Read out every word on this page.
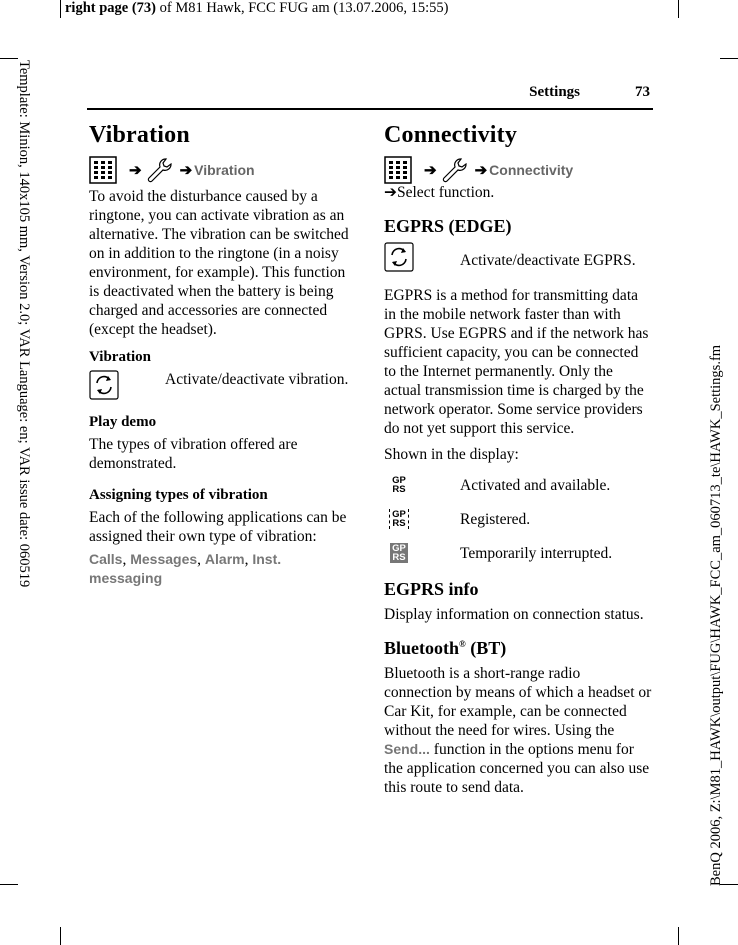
right page (73) of M81 Hawk, FCC FUG am (13.07.2006, 15:55)
Template: Minion, 140x105 mm, Version 2.0; VAR Language: en; VAR issue date: 060519
BenQ 2006, Z:\M81_HAWK\output\FUG\HAWK_FCC_am_060713_te\HAWK_Settings.fm
Settings	73
Vibration
➔	➔ Vibration

To avoid the disturbance caused by a ringtone, you can activate vibration as an alternative. The vibration can be switched on in addition to the ringtone (in a noisy environment, for example). This function is deactivated when the battery is being charged and accessories are connected (except the headset).

Vibration
Activate/deactivate vibration.
Play demo

The types of vibration offered are demonstrated.

Assigning types of vibration

Each of the following applications can be assigned their own type of vibration:

Calls, Messages, Alarm, Inst. messaging

Connectivity
➔	➔ Connectivity
➔Select function.
EGPRS (EDGE)
Activate/deactivate EGPRS.

EGPRS is a method for transmitting data in the mobile network faster than with GPRS. Use EGPRS and if the network has sufficient capacity, you can be connected to the Internet permanently. Only the actual transmission time is charged by the network operator. Some service providers do not yet support this service.

Shown in the display:

GP RS	Activated and available.
GP RS	Registered.
GP RS	Temporarily interrupted.
EGPRS info

Display information on connection status.

Bluetooth® (BT)

Bluetooth is a short-range radio connection by means of which a headset or Car Kit, for example, can be connected without the need for wires. Using the Send... function in the options menu for the application concerned you can also use this route to send data.
